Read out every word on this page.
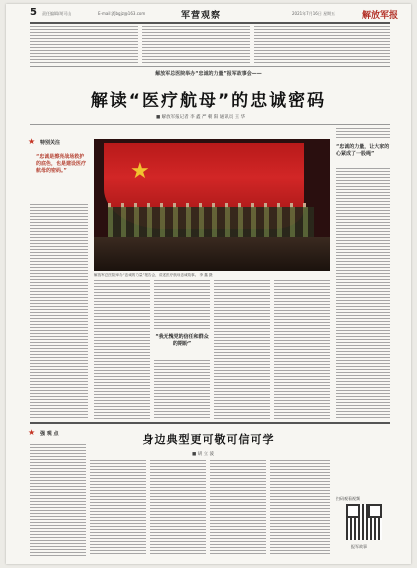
5 责任编辑/胡可山	E-mail:jfjbgjz@163.com	军营观察	2021年7月16日 星期五	解放军报
解放军总医院举办“忠诚的力量”报军故事会——
解读“医疗航母”的忠诚密码
■ 解放军报记者 李 鑫 严 朝 阳 通讯员 王 华
★ 特别关注
“忠诚是擦亮战场救护的底色，也是建设医疗航母的密码。”	★
解放军总医院举办“忠诚的力量”报告会，讲述医疗航母忠诚故事。 李 鑫 摄
“忠诚的力量，让大家的心紧成了一股绳”
“我无愧党的信任和群众的期盼”
★ 强 观 点	身边典型更可敬可信可学
■ 胡 立 波
扫码观看视频
报军故事
